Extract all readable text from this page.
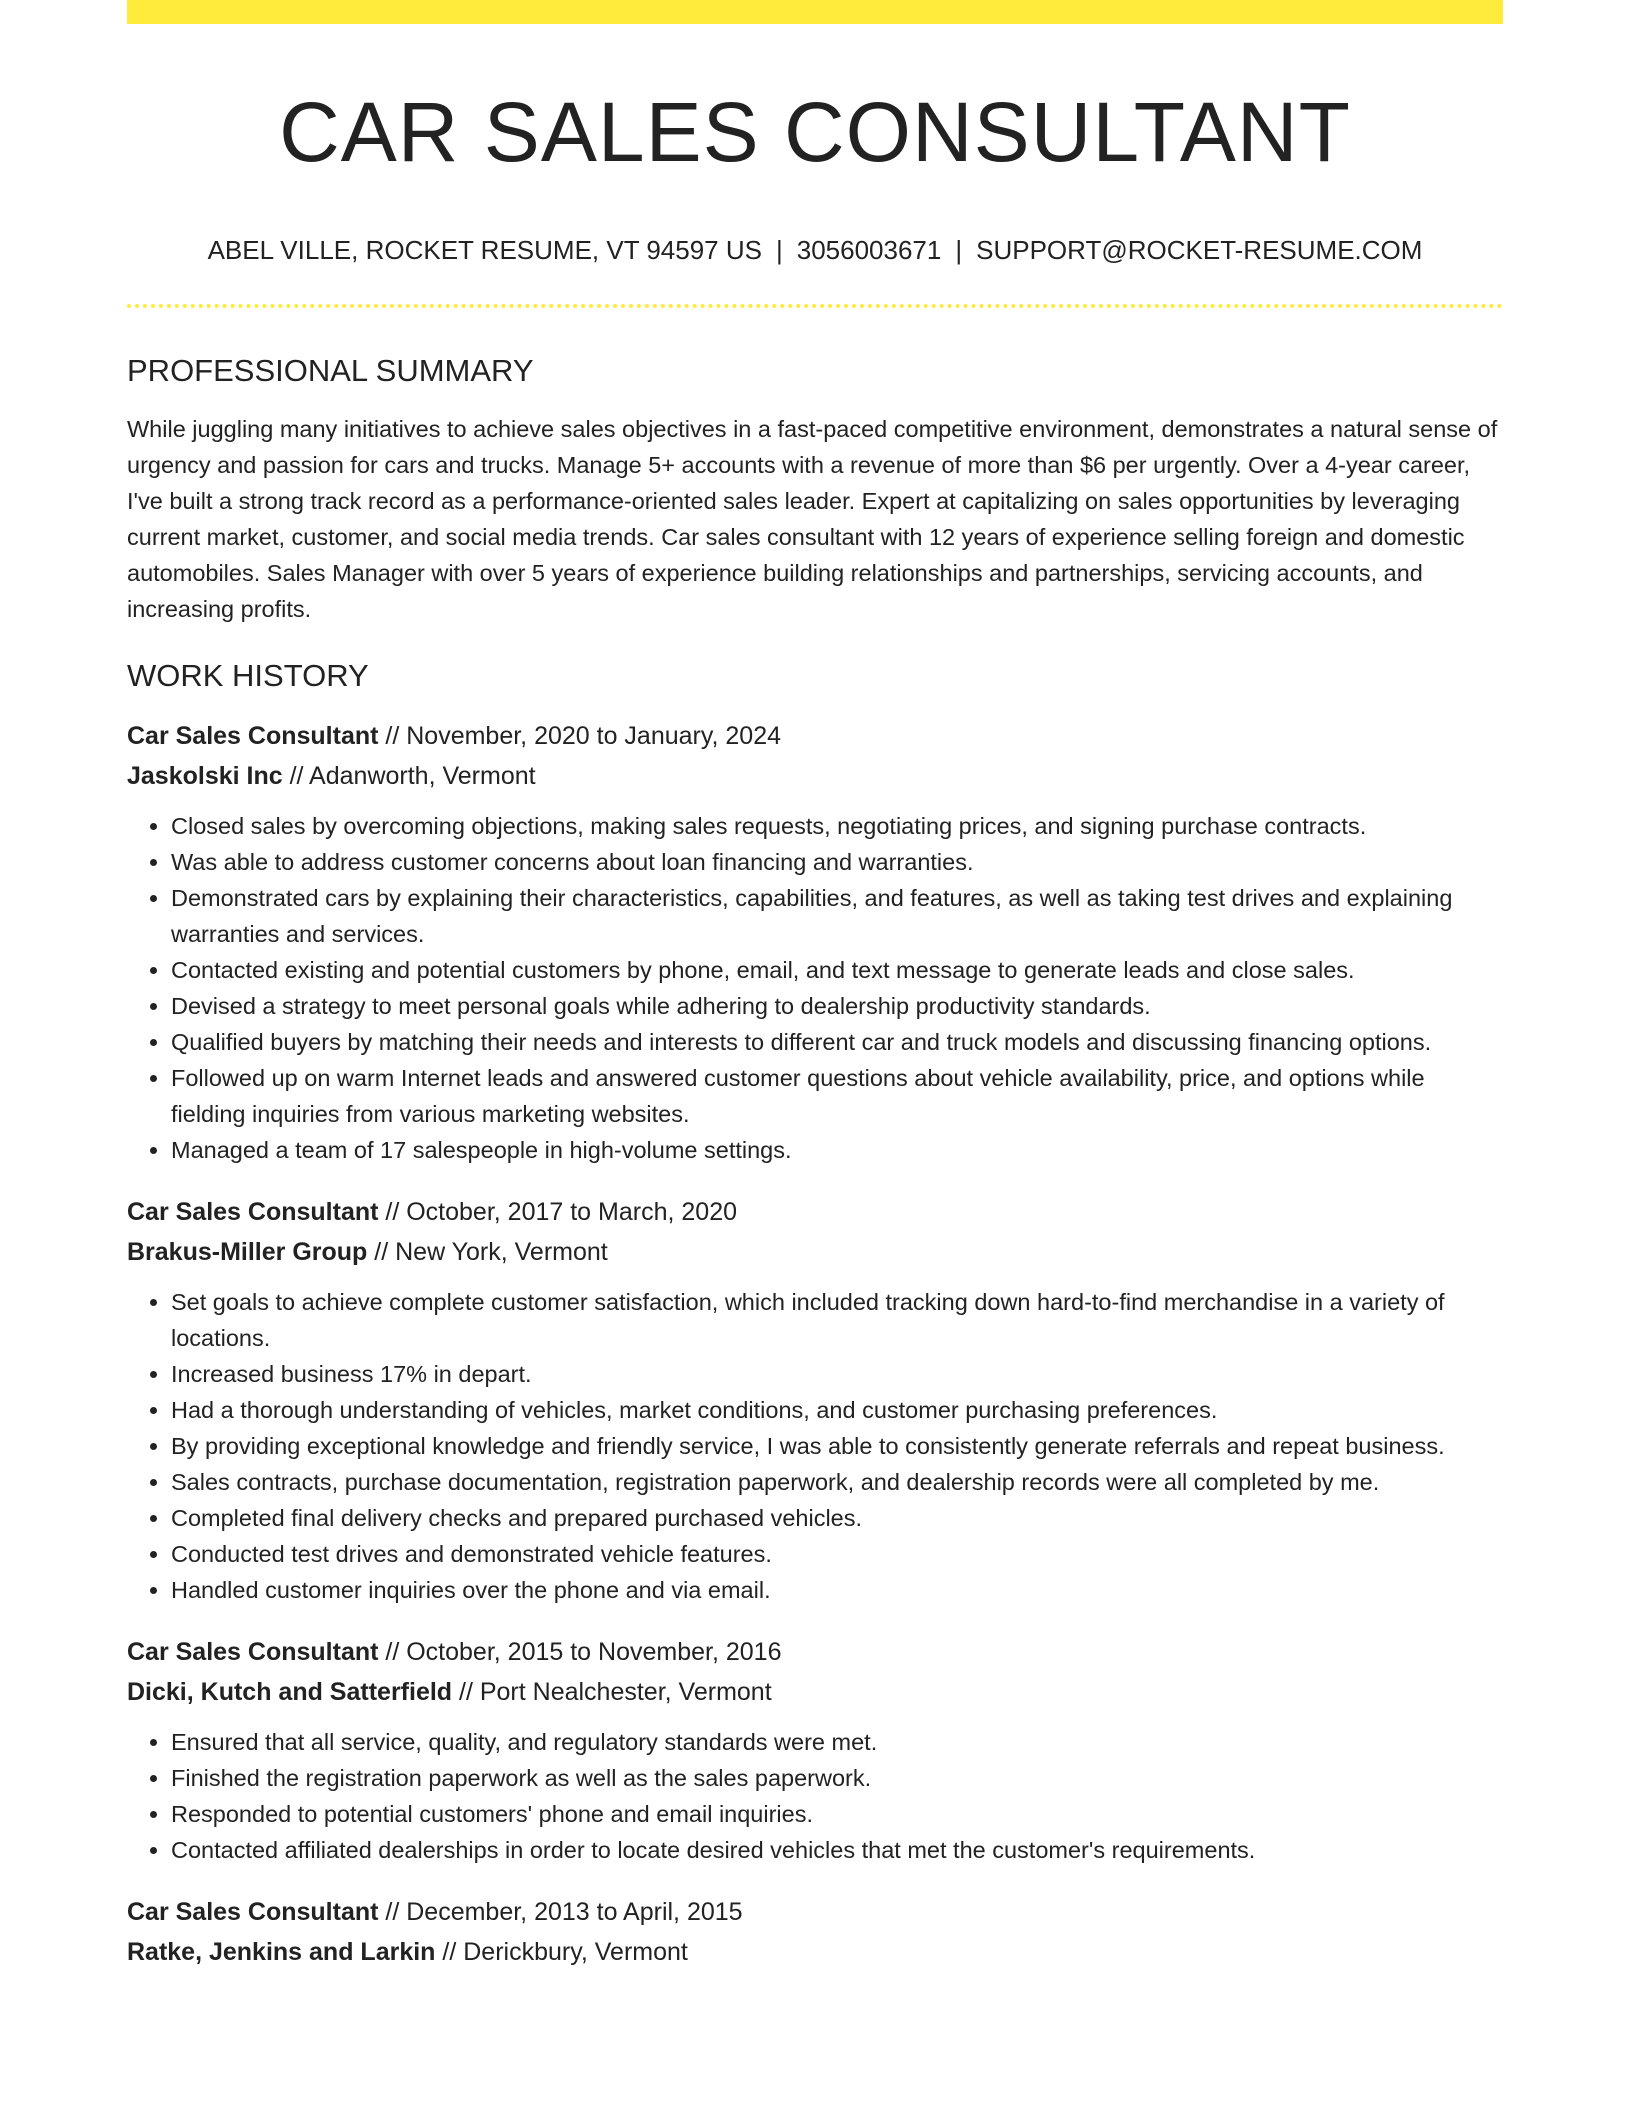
CAR SALES CONSULTANT
ABEL VILLE, ROCKET RESUME, VT 94597 US | 3056003671 | SUPPORT@ROCKET-RESUME.COM
PROFESSIONAL SUMMARY

While juggling many initiatives to achieve sales objectives in a fast-paced competitive environment, demonstrates a natural sense of urgency and passion for cars and trucks. Manage 5+ accounts with a revenue of more than $6 per urgently. Over a 4-year career, I've built a strong track record as a performance-oriented sales leader. Expert at capitalizing on sales opportunities by leveraging current market, customer, and social media trends. Car sales consultant with 12 years of experience selling foreign and domestic automobiles. Sales Manager with over 5 years of experience building relationships and partnerships, servicing accounts, and increasing profits.

WORK HISTORY
Car Sales Consultant // November, 2020 to January, 2024
Jaskolski Inc // Adanworth, Vermont
• Closed sales by overcoming objections, making sales requests, negotiating prices, and signing purchase contracts.
• Was able to address customer concerns about loan financing and warranties.
• Demonstrated cars by explaining their characteristics, capabilities, and features, as well as taking test drives and explaining warranties and services.
• Contacted existing and potential customers by phone, email, and text message to generate leads and close sales.
• Devised a strategy to meet personal goals while adhering to dealership productivity standards.
• Qualified buyers by matching their needs and interests to different car and truck models and discussing financing options.
• Followed up on warm Internet leads and answered customer questions about vehicle availability, price, and options while fielding inquiries from various marketing websites.
• Managed a team of 17 salespeople in high-volume settings.
Car Sales Consultant // October, 2017 to March, 2020
Brakus-Miller Group // New York, Vermont
• Set goals to achieve complete customer satisfaction, which included tracking down hard-to-find merchandise in a variety of locations.
• Increased business 17% in depart.
• Had a thorough understanding of vehicles, market conditions, and customer purchasing preferences.
• By providing exceptional knowledge and friendly service, I was able to consistently generate referrals and repeat business.
• Sales contracts, purchase documentation, registration paperwork, and dealership records were all completed by me.
• Completed final delivery checks and prepared purchased vehicles.
• Conducted test drives and demonstrated vehicle features.
• Handled customer inquiries over the phone and via email.
Car Sales Consultant // October, 2015 to November, 2016
Dicki, Kutch and Satterfield // Port Nealchester, Vermont
• Ensured that all service, quality, and regulatory standards were met.
• Finished the registration paperwork as well as the sales paperwork.
• Responded to potential customers' phone and email inquiries.
• Contacted affiliated dealerships in order to locate desired vehicles that met the customer's requirements.
Car Sales Consultant // December, 2013 to April, 2015
Ratke, Jenkins and Larkin // Derickbury, Vermont
